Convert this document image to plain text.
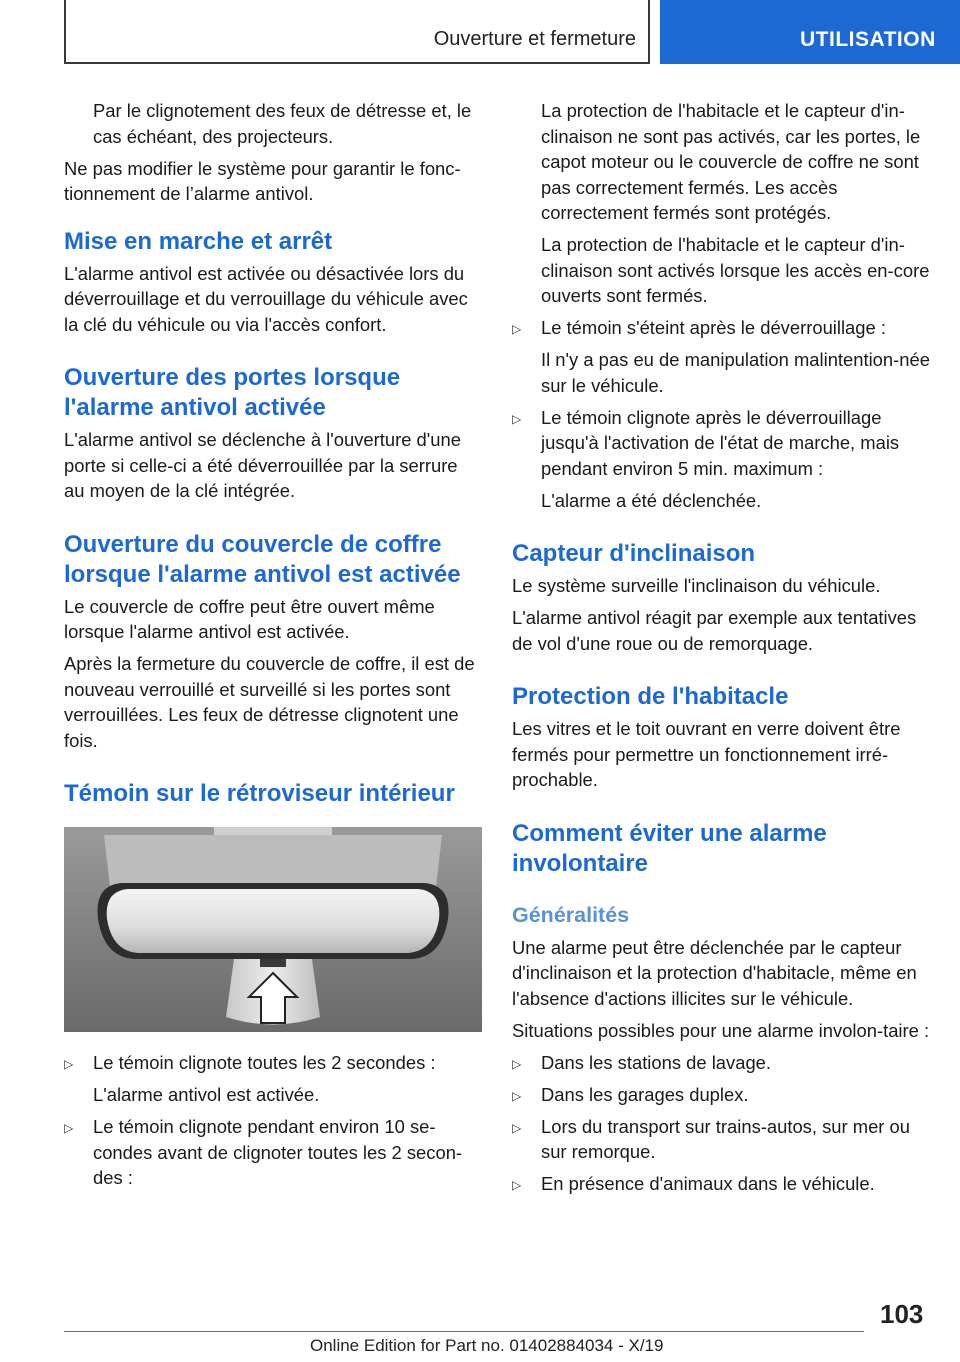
Ouverture et fermeture	UTILISATION

Par le clignotement des feux de détresse et, le cas échéant, des projecteurs.

Ne pas modifier le système pour garantir le fonc‐tionnement de l’alarme antivol.

Mise en marche et arrêt

L'alarme antivol est activée ou désactivée lors du déverrouillage et du verrouillage du véhicule avec la clé du véhicule ou via l'accès confort.

Ouverture des portes lorsque l'alarme antivol activée

L'alarme antivol se déclenche à l'ouverture d'une porte si celle-ci a été déverrouillée par la serrure au moyen de la clé intégrée.

Ouverture du couvercle de coffre lorsque l'alarme antivol est activée

Le couvercle de coffre peut être ouvert même lorsque l'alarme antivol est activée.

Après la fermeture du couvercle de coffre, il est de nouveau verrouillé et surveillé si les portes sont verrouillées. Les feux de détresse clignotent une fois.

Témoin sur le rétroviseur intérieur
▷ Le témoin clignote toutes les 2 secondes :

L'alarme antivol est activée.

▷ Le témoin clignote pendant environ 10 se‐condes avant de clignoter toutes les 2 secon‐des :

La protection de l'habitacle et le capteur d'in‐clinaison ne sont pas activés, car les portes, le capot moteur ou le couvercle de coffre ne sont pas correctement fermés. Les accès correctement fermés sont protégés.

La protection de l'habitacle et le capteur d'in‐clinaison sont activés lorsque les accès en‐core ouverts sont fermés.

▷ Le témoin s'éteint après le déverrouillage :

Il n'y a pas eu de manipulation malintention‐née sur le véhicule.

▷ Le témoin clignote après le déverrouillage jusqu'à l'activation de l'état de marche, mais pendant environ 5 min. maximum :

L'alarme a été déclenchée.

Capteur d'inclinaison

Le système surveille l'inclinaison du véhicule.

L'alarme antivol réagit par exemple aux tentatives de vol d'une roue ou de remorquage.

Protection de l'habitacle

Les vitres et le toit ouvrant en verre doivent être fermés pour permettre un fonctionnement irré‐prochable.

Comment éviter une alarme involontaire
Généralités

Une alarme peut être déclenchée par le capteur d'inclinaison et la protection d'habitacle, même en l'absence d'actions illicites sur le véhicule.

Situations possibles pour une alarme involon‐taire :

▷ Dans les stations de lavage.

▷ Dans les garages duplex.

▷ Lors du transport sur trains-autos, sur mer ou sur remorque.

▷ En présence d'animaux dans le véhicule.

103
Online Edition for Part no. 01402884034 - X/19
